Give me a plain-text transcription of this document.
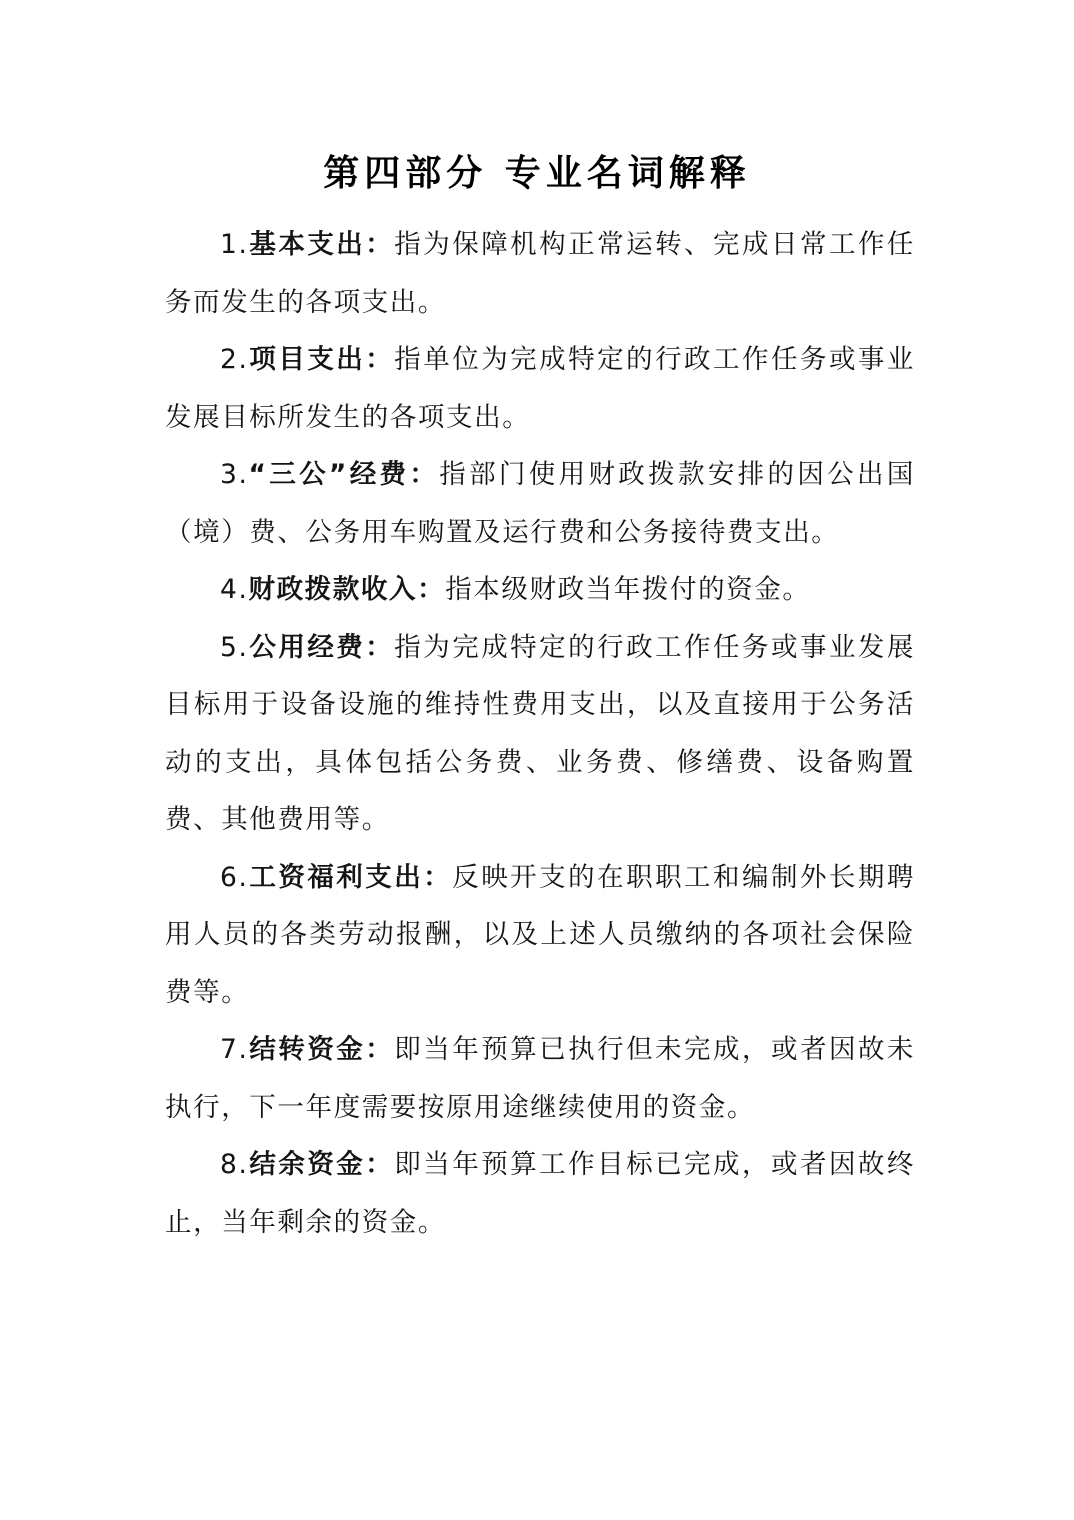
第四部分 专业名词解释

1.基本支出：指为保障机构正常运转、完成日常工作任务而发生的各项支出。

2.项目支出：指单位为完成特定的行政工作任务或事业发展目标所发生的各项支出。

3.“三公”经费：指部门使用财政拨款安排的因公出国（境）费、公务用车购置及运行费和公务接待费支出。

4.财政拨款收入：指本级财政当年拨付的资金。

5.公用经费：指为完成特定的行政工作任务或事业发展目标用于设备设施的维持性费用支出，以及直接用于公务活动的支出，具体包括公务费、业务费、修缮费、设备购置费、其他费用等。

6.工资福利支出：反映开支的在职职工和编制外长期聘用人员的各类劳动报酬，以及上述人员缴纳的各项社会保险费等。

7.结转资金：即当年预算已执行但未完成，或者因故未执行，下一年度需要按原用途继续使用的资金。

8.结余资金：即当年预算工作目标已完成，或者因故终止，当年剩余的资金。
